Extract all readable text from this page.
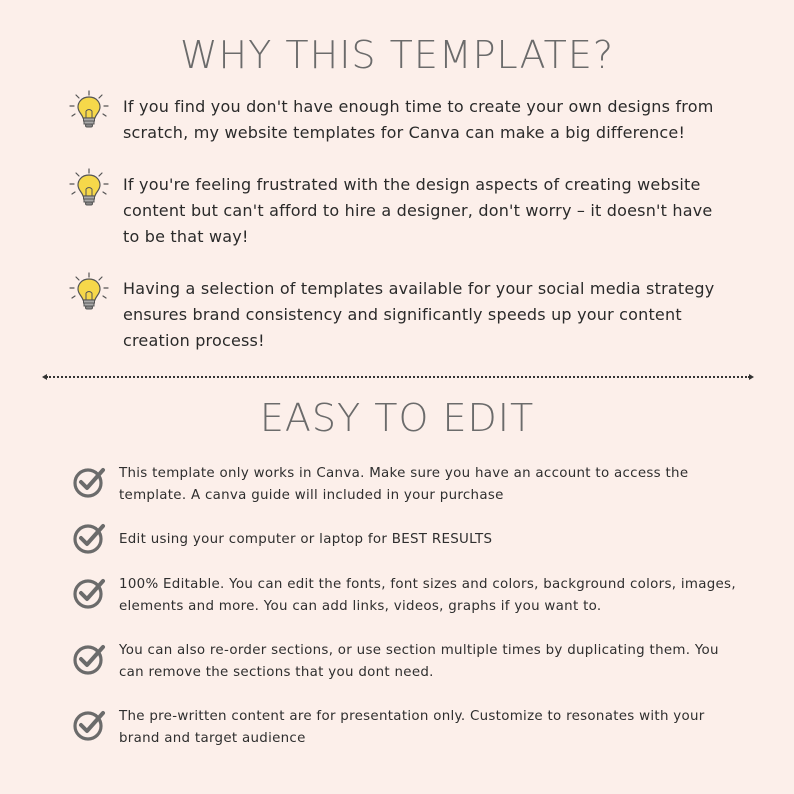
WHY THIS TEMPLATE?
If you find you don't have enough time to create your own designs from
scratch, my website templates for Canva can make a big difference!
If you're feeling frustrated with the design aspects of creating website
content but can't afford to hire a designer, don't worry – it doesn't have
to be that way!
Having a selection of templates available for your social media strategy
ensures brand consistency and significantly speeds up your content
creation process!
EASY TO EDIT
This template only works in Canva. Make sure you have an account to access the
template. A canva guide will included in your purchase
Edit using your computer or laptop for BEST RESULTS
100% Editable. You can edit the fonts, font sizes and colors, background colors, images,
elements and more. You can add links, videos, graphs if you want to.
You can also re-order sections, or use section multiple times by duplicating them. You
can remove the sections that you dont need.
The pre-written content are for presentation only. Customize to resonates with your
brand and target audience
